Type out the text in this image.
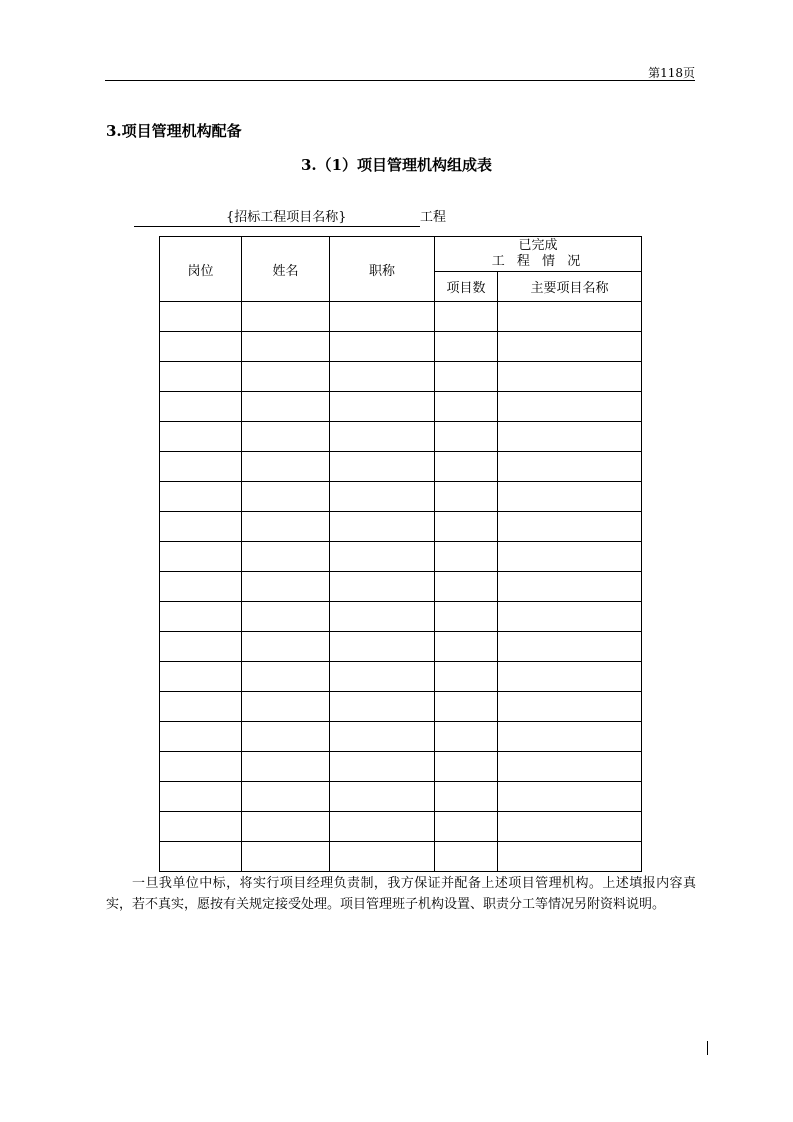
第118页
3.项目管理机构配备
3.（1）项目管理机构组成表
{招标工程项目名称}	工程
岗位	姓名	职称	已完成
工 程 情 况	

			项目数	主要项目名称

一旦我单位中标，将实行项目经理负责制，我方保证并配备上述项目管理机构。上述填报内容真实，若不真实，愿按有关规定接受处理。项目管理班子机构设置、职责分工等情况另附资料说明。
